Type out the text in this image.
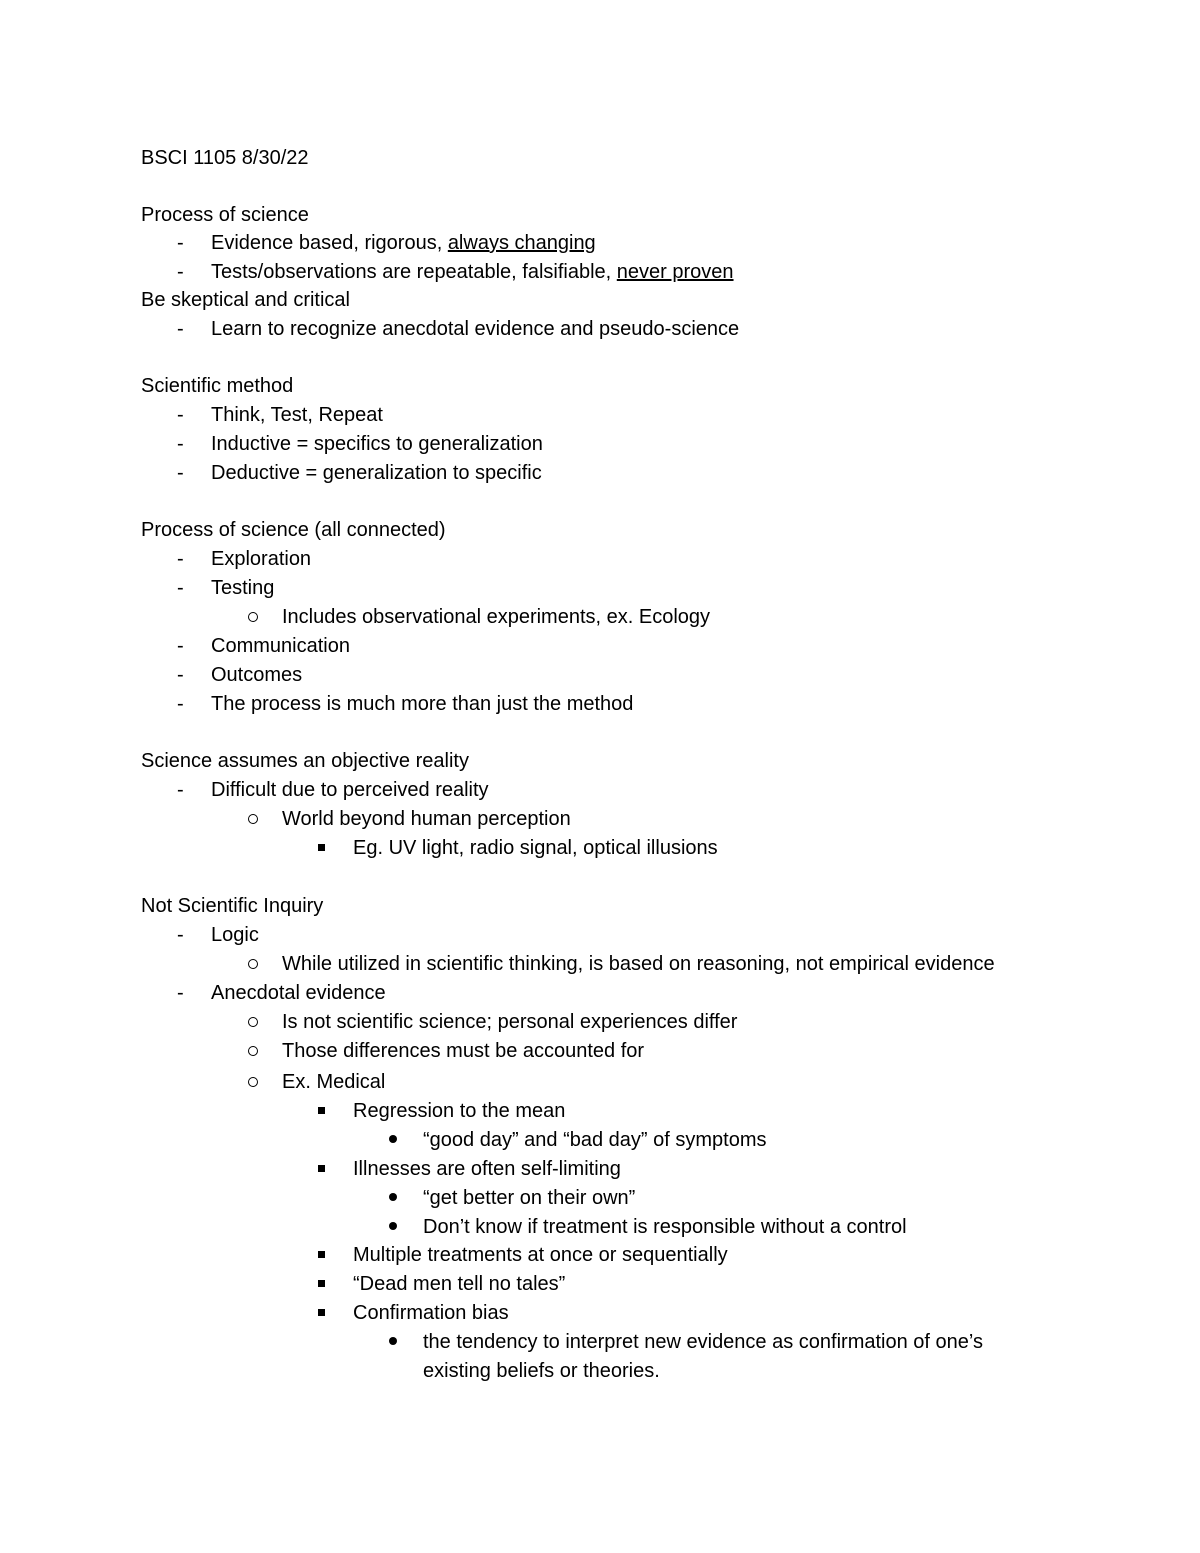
BSCI 1105 8/30/22
Process of science
- Evidence based, rigorous, always changing
- Tests/observations are repeatable, falsifiable, never proven
Be skeptical and critical
- Learn to recognize anecdotal evidence and pseudo-science
Scientific method
- Think, Test, Repeat
- Inductive = specifics to generalization
- Deductive = generalization to specific
Process of science (all connected)
- Exploration
- Testing
Includes observational experiments, ex. Ecology
- Communication
- Outcomes
- The process is much more than just the method
Science assumes an objective reality
- Difficult due to perceived reality
World beyond human perception
Eg. UV light, radio signal, optical illusions
Not Scientific Inquiry
- Logic
While utilized in scientific thinking, is based on reasoning, not empirical evidence
- Anecdotal evidence
Is not scientific science; personal experiences differ
Those differences must be accounted for
Ex. Medical
Regression to the mean
“good day” and “bad day” of symptoms
Illnesses are often self-limiting
“get better on their own”
Don’t know if treatment is responsible without a control
Multiple treatments at once or sequentially
“Dead men tell no tales”
Confirmation bias
the tendency to interpret new evidence as confirmation of one’s
existing beliefs or theories.
